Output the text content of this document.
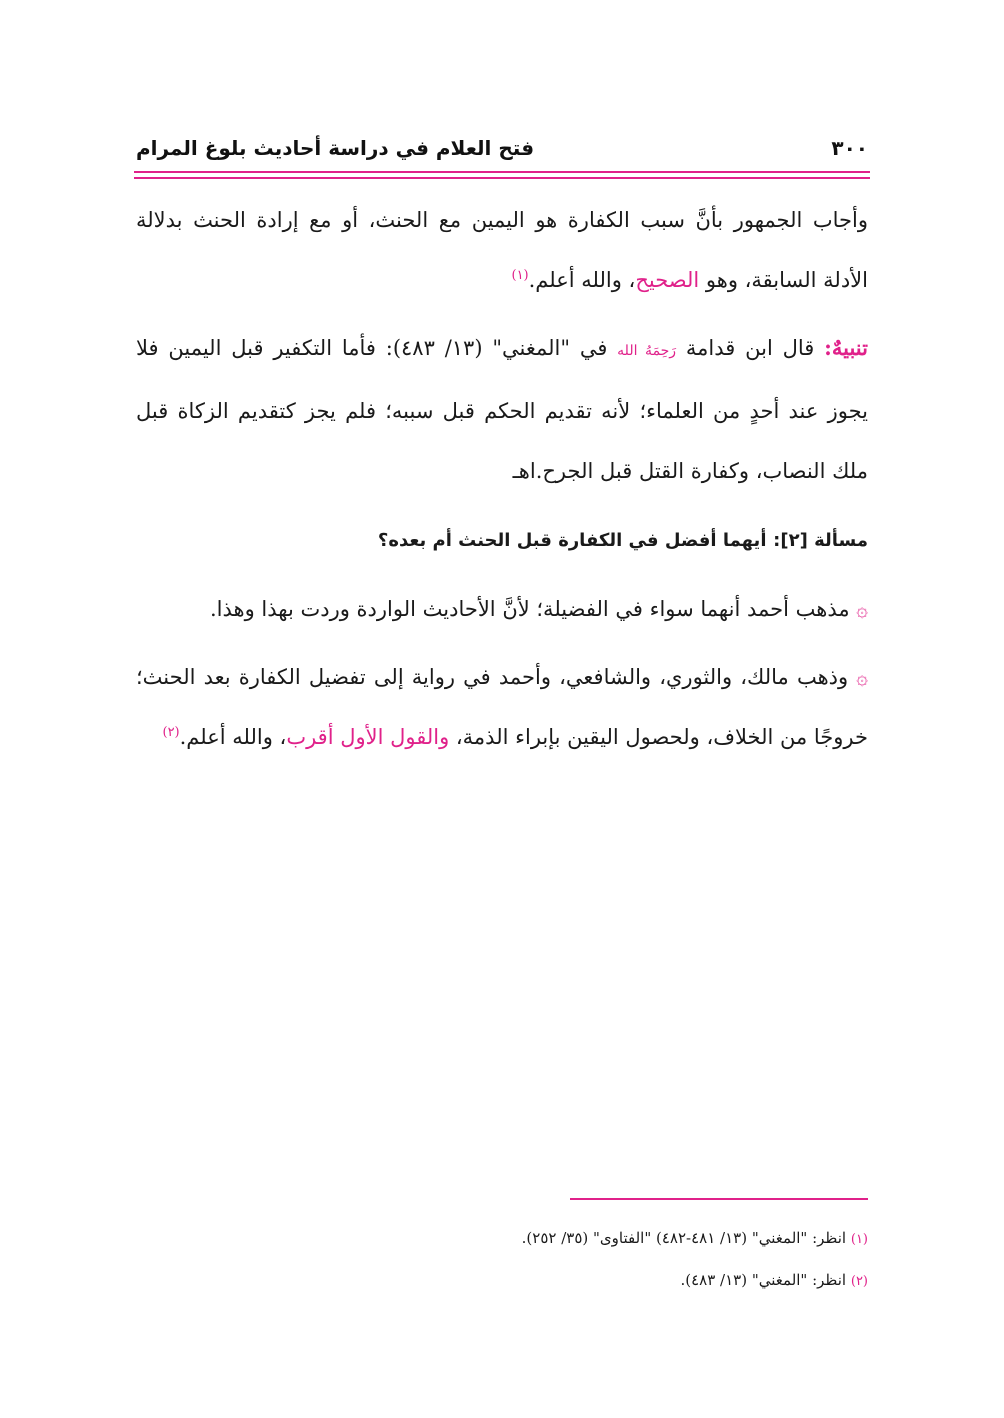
٣٠٠
فتح العلام في دراسة أحاديث بلوغ المرام

وأجاب الجمهور بأنَّ سبب الكفارة هو اليمين مع الحنث، أو مع إرادة الحنث بدلالة الأدلة السابقة، وهو الصحيح، والله أعلم.$^{(١)}$

تنبيهٌ: قال ابن قدامة رَحِمَهُ الله في "المغني" (١٣/ ٤٨٣): فأما التكفير قبل اليمين فلا يجوز عند أحدٍ من العلماء؛ لأنه تقديم الحكم قبل سببه؛ فلم يجز كتقديم الزكاة قبل ملك النصاب، وكفارة القتل قبل الجرح.اهـ

مسألة [٢]: أيهما أفضل في الكفارة قبل الحنث أم بعده؟

۞ مذهب أحمد أنهما سواء في الفضيلة؛ لأنَّ الأحاديث الواردة وردت بهذا وهذا.

۞ وذهب مالك، والثوري، والشافعي، وأحمد في رواية إلى تفضيل الكفارة بعد الحنث؛ خروجًا من الخلاف، ولحصول اليقين بإبراء الذمة، والقول الأول أقرب، والله أعلم.$^{(٢)}$

(١) انظر: "المغني" (١٣/ ٤٨١-٤٨٢) "الفتاوى" (٣٥/ ٢٥٢).
(٢) انظر: "المغني" (١٣/ ٤٨٣).
